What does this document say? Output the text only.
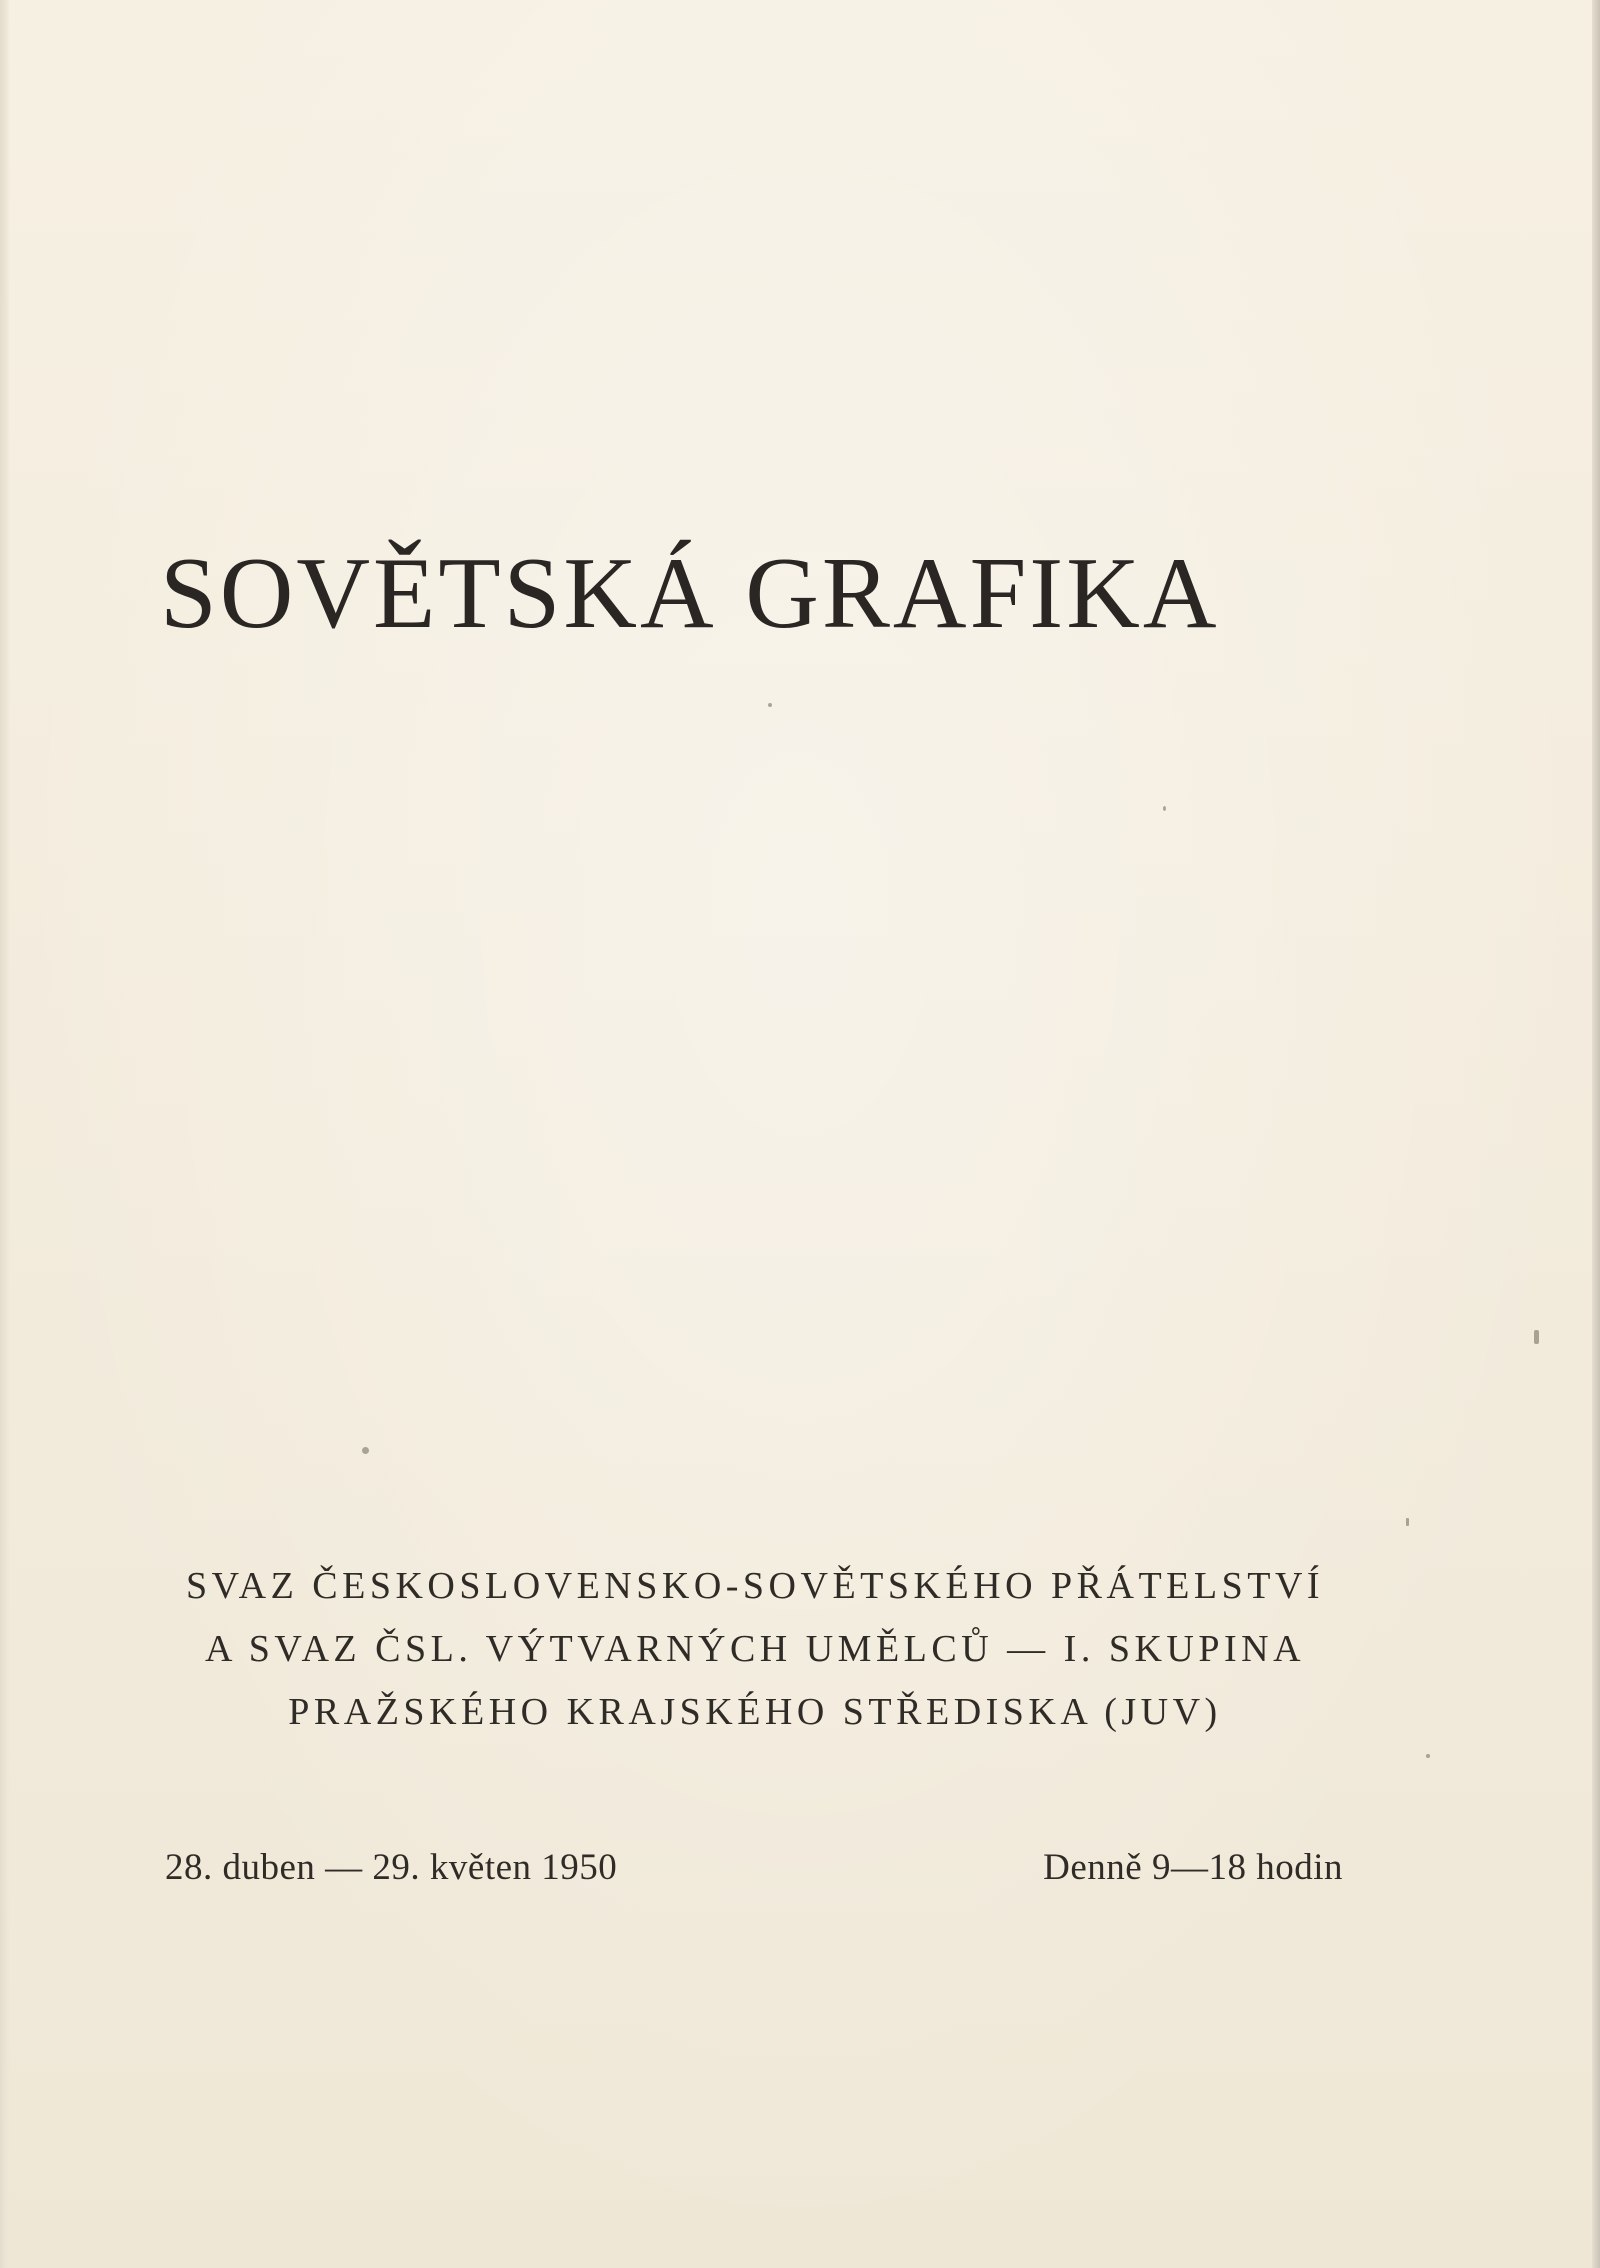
SOVĚTSKÁ GRAFIKA
SVAZ ČESKOSLOVENSKO-SOVĚTSKÉHO PŘÁTELSTVÍ
A SVAZ ČSL. VÝTVARNÝCH UMĚLCŮ — I. SKUPINA
PRAŽSKÉHO KRAJSKÉHO STŘEDISKA (JUV)
28. duben — 29. květen 1950	Denně 9—18 hodin
